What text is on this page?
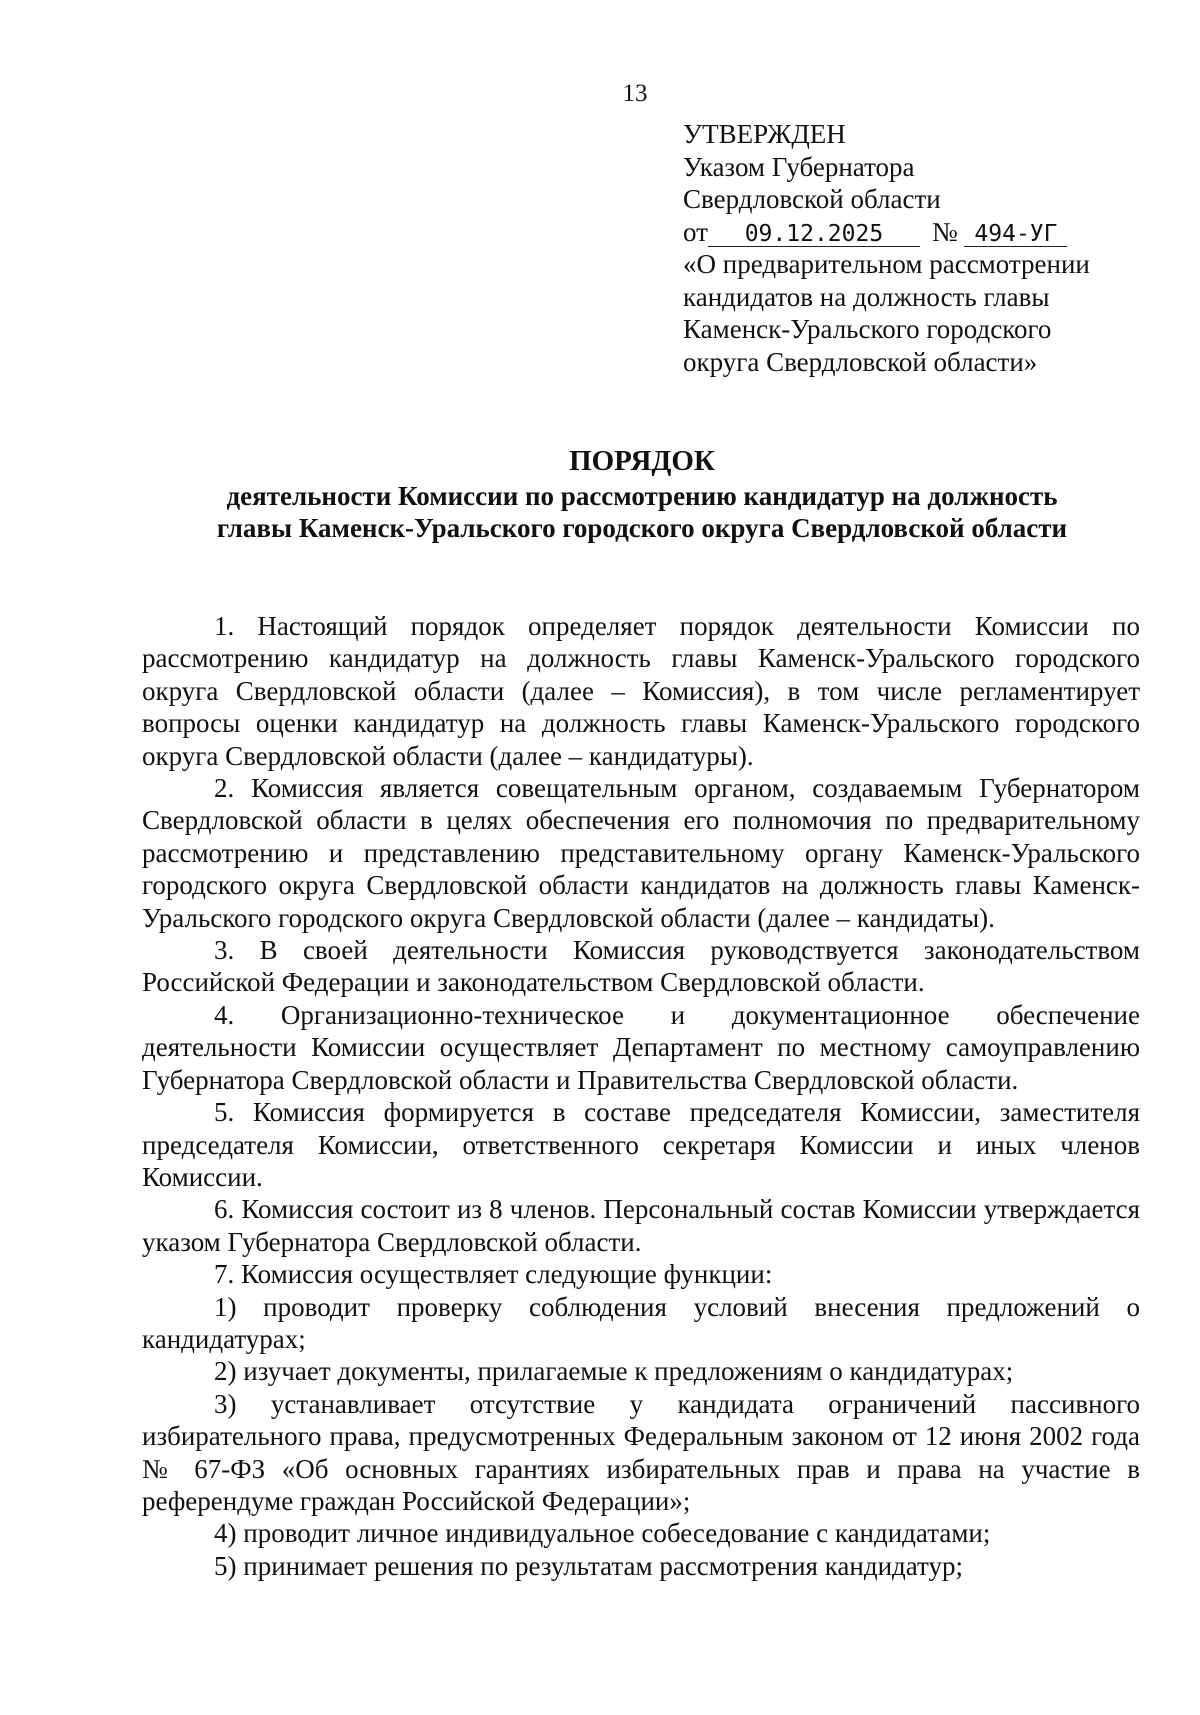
13
УТВЕРЖДЕН
Указом Губернатора
Свердловской области
от 09.12.2025 № 494-УГ
«О предварительном рассмотрении
кандидатов на должность главы
Каменск-Уральского городского
округа Свердловской области»
ПОРЯДОК
деятельности Комиссии по рассмотрению кандидатур на должность
главы Каменск-Уральского городского округа Свердловской области

1. Настоящий порядок определяет порядок деятельности Комиссии по рассмотрению кандидатур на должность главы Каменск-Уральского городского округа Свердловской области (далее – Комиссия), в том числе регламентирует вопросы оценки кандидатур на должность главы Каменск-Уральского городского округа Свердловской области (далее – кандидатуры).

2. Комиссия является совещательным органом, создаваемым Губернатором Свердловской области в целях обеспечения его полномочия по предварительному рассмотрению и представлению представительному органу Каменск-Уральского городского округа Свердловской области кандидатов на должность главы Каменск-Уральского городского округа Свердловской области (далее – кандидаты).

3. В своей деятельности Комиссия руководствуется законодательством Российской Федерации и законодательством Свердловской области.

4. Организационно-техническое и документационное обеспечение деятельности Комиссии осуществляет Департамент по местному самоуправлению Губернатора Свердловской области и Правительства Свердловской области.

5. Комиссия формируется в составе председателя Комиссии, заместителя председателя Комиссии, ответственного секретаря Комиссии и иных членов Комиссии.

6. Комиссия состоит из 8 членов. Персональный состав Комиссии утверждается указом Губернатора Свердловской области.

7. Комиссия осуществляет следующие функции:

1) проводит проверку соблюдения условий внесения предложений о кандидатурах;

2) изучает документы, прилагаемые к предложениям о кандидатурах;

3) устанавливает отсутствие у кандидата ограничений пассивного избирательного права, предусмотренных Федеральным законом от 12 июня 2002 года № 67-ФЗ «Об основных гарантиях избирательных прав и права на участие в референдуме граждан Российской Федерации»;

4) проводит личное индивидуальное собеседование с кандидатами;

5) принимает решения по результатам рассмотрения кандидатур;
